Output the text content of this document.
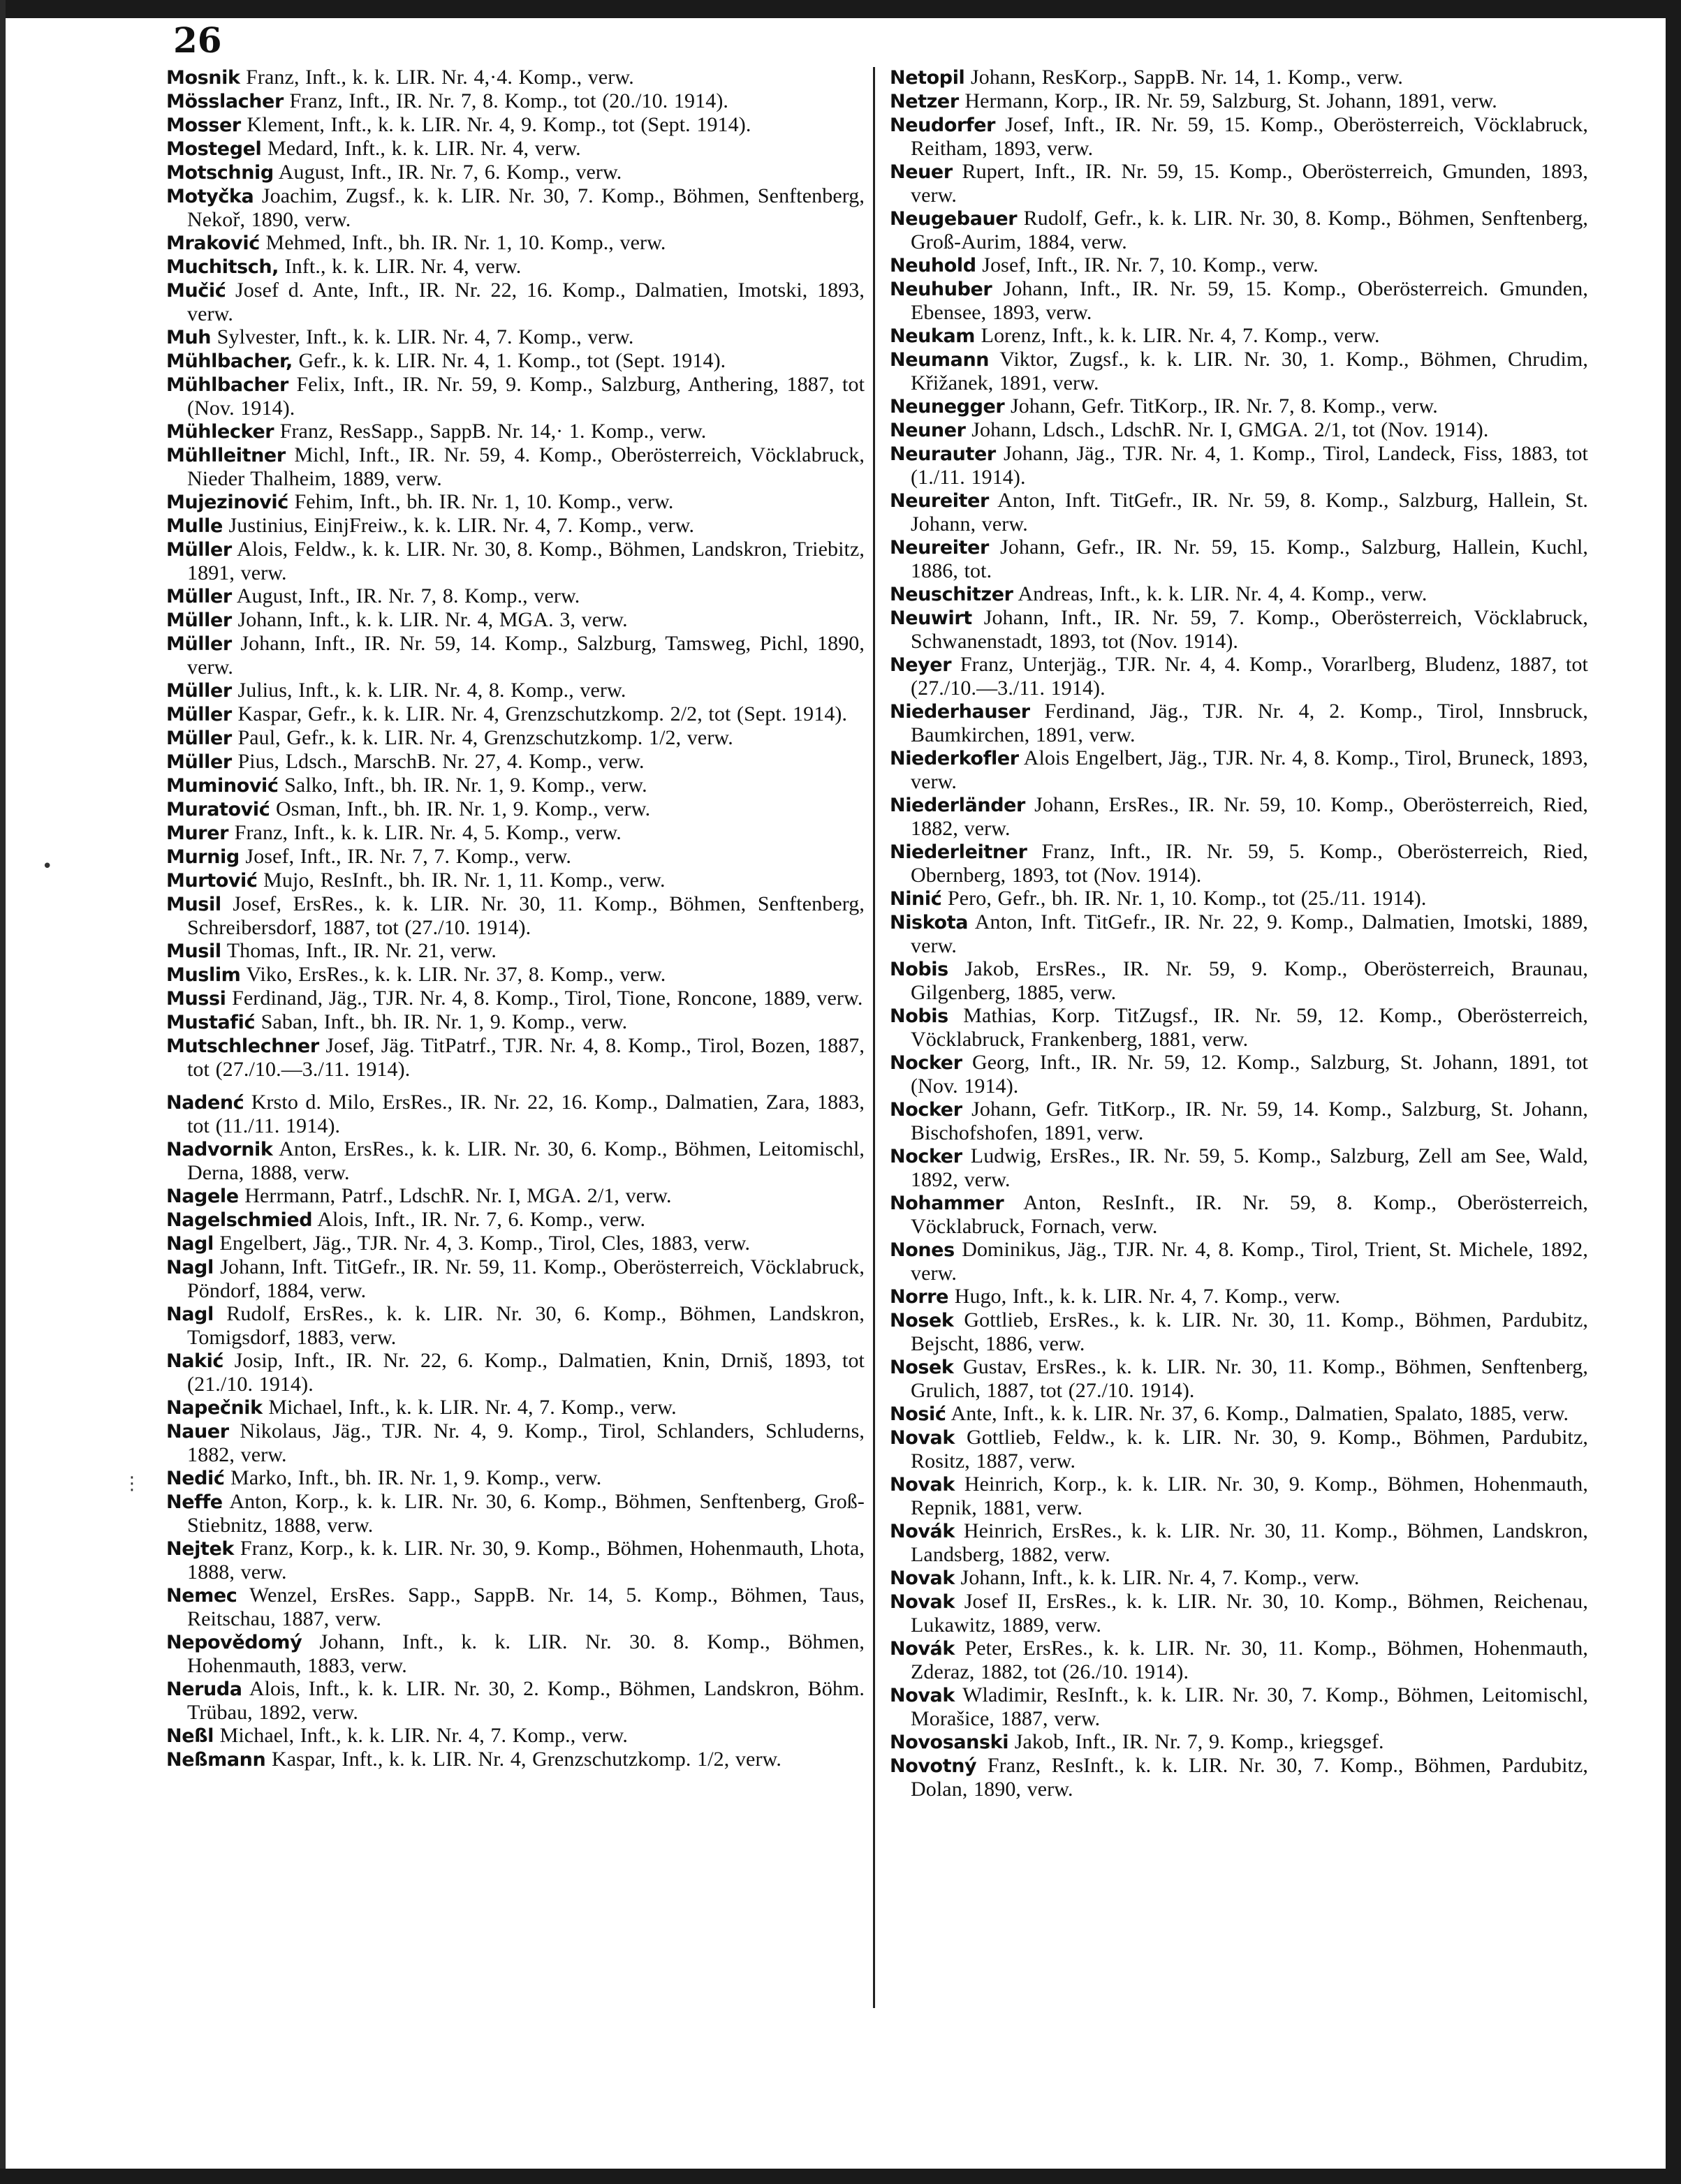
26
Mosnik Franz, Inft., k. k. LIR. Nr. 4,·4. Komp., verw.
Mösslacher Franz, Inft., IR. Nr. 7, 8. Komp., tot (20./10. 1914).
Mosser Klement, Inft., k. k. LIR. Nr. 4, 9. Komp., tot (Sept. 1914).
Mostegel Medard, Inft., k. k. LIR. Nr. 4, verw.
Motschnig August, Inft., IR. Nr. 7, 6. Komp., verw.
Motyčka Joachim, Zugsf., k. k. LIR. Nr. 30, 7. Komp., Böhmen, Senftenberg, Nekoř, 1890, verw.
Mraković Mehmed, Inft., bh. IR. Nr. 1, 10. Komp., verw.
Muchitsch, Inft., k. k. LIR. Nr. 4, verw.
Mučić Josef d. Ante, Inft., IR. Nr. 22, 16. Komp., Dalmatien, Imotski, 1893, verw.
Muh Sylvester, Inft., k. k. LIR. Nr. 4, 7. Komp., verw.
Mühlbacher, Gefr., k. k. LIR. Nr. 4, 1. Komp., tot (Sept. 1914).
Mühlbacher Felix, Inft., IR. Nr. 59, 9. Komp., Salzburg, Anthering, 1887, tot (Nov. 1914).
Mühlecker Franz, ResSapp., SappB. Nr. 14,· 1. Komp., verw.
Mühlleitner Michl, Inft., IR. Nr. 59, 4. Komp., Oberösterreich, Vöcklabruck, Nieder Thalheim, 1889, verw.
Mujezinović Fehim, Inft., bh. IR. Nr. 1, 10. Komp., verw.
Mulle Justinius, EinjFreiw., k. k. LIR. Nr. 4, 7. Komp., verw.
Müller Alois, Feldw., k. k. LIR. Nr. 30, 8. Komp., Böhmen, Landskron, Triebitz, 1891, verw.
Müller August, Inft., IR. Nr. 7, 8. Komp., verw.
Müller Johann, Inft., k. k. LIR. Nr. 4, MGA. 3, verw.
Müller Johann, Inft., IR. Nr. 59, 14. Komp., Salzburg, Tamsweg, Pichl, 1890, verw.
Müller Julius, Inft., k. k. LIR. Nr. 4, 8. Komp., verw.
Müller Kaspar, Gefr., k. k. LIR. Nr. 4, Grenzschutzkomp. 2/2, tot (Sept. 1914).
Müller Paul, Gefr., k. k. LIR. Nr. 4, Grenzschutzkomp. 1/2, verw.
Müller Pius, Ldsch., MarschB. Nr. 27, 4. Komp., verw.
Muminović Salko, Inft., bh. IR. Nr. 1, 9. Komp., verw.
Muratović Osman, Inft., bh. IR. Nr. 1, 9. Komp., verw.
Murer Franz, Inft., k. k. LIR. Nr. 4, 5. Komp., verw.
Murnig Josef, Inft., IR. Nr. 7, 7. Komp., verw.
Murtović Mujo, ResInft., bh. IR. Nr. 1, 11. Komp., verw.
Musil Josef, ErsRes., k. k. LIR. Nr. 30, 11. Komp., Böhmen, Senftenberg, Schreibersdorf, 1887, tot (27./10. 1914).
Musil Thomas, Inft., IR. Nr. 21, verw.
Muslim Viko, ErsRes., k. k. LIR. Nr. 37, 8. Komp., verw.
Mussi Ferdinand, Jäg., TJR. Nr. 4, 8. Komp., Tirol, Tione, Roncone, 1889, verw.
Mustafić Saban, Inft., bh. IR. Nr. 1, 9. Komp., verw.
Mutschlechner Josef, Jäg. TitPatrf., TJR. Nr. 4, 8. Komp., Tirol, Bozen, 1887, tot (27./10.—3./11. 1914).
Nadenć Krsto d. Milo, ErsRes., IR. Nr. 22, 16. Komp., Dalmatien, Zara, 1883, tot (11./11. 1914).
Nadvornik Anton, ErsRes., k. k. LIR. Nr. 30, 6. Komp., Böhmen, Leitomischl, Derna, 1888, verw.
Nagele Herrmann, Patrf., LdschR. Nr. I, MGA. 2/1, verw.
Nagelschmied Alois, Inft., IR. Nr. 7, 6. Komp., verw.
Nagl Engelbert, Jäg., TJR. Nr. 4, 3. Komp., Tirol, Cles, 1883, verw.
Nagl Johann, Inft. TitGefr., IR. Nr. 59, 11. Komp., Oberösterreich, Vöcklabruck, Pöndorf, 1884, verw.
Nagl Rudolf, ErsRes., k. k. LIR. Nr. 30, 6. Komp., Böhmen, Landskron, Tomigsdorf, 1883, verw.
Nakić Josip, Inft., IR. Nr. 22, 6. Komp., Dalmatien, Knin, Drniš, 1893, tot (21./10. 1914).
Napečnik Michael, Inft., k. k. LIR. Nr. 4, 7. Komp., verw.
Nauer Nikolaus, Jäg., TJR. Nr. 4, 9. Komp., Tirol, Schlanders, Schluderns, 1882, verw.
Nedić Marko, Inft., bh. IR. Nr. 1, 9. Komp., verw.
Neffe Anton, Korp., k. k. LIR. Nr. 30, 6. Komp., Böhmen, Senftenberg, Groß-Stiebnitz, 1888, verw.
Nejtek Franz, Korp., k. k. LIR. Nr. 30, 9. Komp., Böhmen, Hohenmauth, Lhota, 1888, verw.
Nemec Wenzel, ErsRes. Sapp., SappB. Nr. 14, 5. Komp., Böhmen, Taus, Reitschau, 1887, verw.
Nepovědomý Johann, Inft., k. k. LIR. Nr. 30. 8. Komp., Böhmen, Hohenmauth, 1883, verw.
Neruda Alois, Inft., k. k. LIR. Nr. 30, 2. Komp., Böhmen, Landskron, Böhm. Trübau, 1892, verw.
Neßl Michael, Inft., k. k. LIR. Nr. 4, 7. Komp., verw.
Neßmann Kaspar, Inft., k. k. LIR. Nr. 4, Grenzschutzkomp. 1/2, verw.
Netopil Johann, ResKorp., SappB. Nr. 14, 1. Komp., verw.
Netzer Hermann, Korp., IR. Nr. 59, Salzburg, St. Johann, 1891, verw.
Neudorfer Josef, Inft., IR. Nr. 59, 15. Komp., Oberösterreich, Vöcklabruck, Reitham, 1893, verw.
Neuer Rupert, Inft., IR. Nr. 59, 15. Komp., Oberösterreich, Gmunden, 1893, verw.
Neugebauer Rudolf, Gefr., k. k. LIR. Nr. 30, 8. Komp., Böhmen, Senftenberg, Groß-Aurim, 1884, verw.
Neuhold Josef, Inft., IR. Nr. 7, 10. Komp., verw.
Neuhuber Johann, Inft., IR. Nr. 59, 15. Komp., Oberösterreich. Gmunden, Ebensee, 1893, verw.
Neukam Lorenz, Inft., k. k. LIR. Nr. 4, 7. Komp., verw.
Neumann Viktor, Zugsf., k. k. LIR. Nr. 30, 1. Komp., Böhmen, Chrudim, Křižanek, 1891, verw.
Neunegger Johann, Gefr. TitKorp., IR. Nr. 7, 8. Komp., verw.
Neuner Johann, Ldsch., LdschR. Nr. I, GMGA. 2/1, tot (Nov. 1914).
Neurauter Johann, Jäg., TJR. Nr. 4, 1. Komp., Tirol, Landeck, Fiss, 1883, tot (1./11. 1914).
Neureiter Anton, Inft. TitGefr., IR. Nr. 59, 8. Komp., Salzburg, Hallein, St. Johann, verw.
Neureiter Johann, Gefr., IR. Nr. 59, 15. Komp., Salzburg, Hallein, Kuchl, 1886, tot.
Neuschitzer Andreas, Inft., k. k. LIR. Nr. 4, 4. Komp., verw.
Neuwirt Johann, Inft., IR. Nr. 59, 7. Komp., Oberösterreich, Vöcklabruck, Schwanenstadt, 1893, tot (Nov. 1914).
Neyer Franz, Unterjäg., TJR. Nr. 4, 4. Komp., Vorarlberg, Bludenz, 1887, tot (27./10.—3./11. 1914).
Niederhauser Ferdinand, Jäg., TJR. Nr. 4, 2. Komp., Tirol, Innsbruck, Baumkirchen, 1891, verw.
Niederkofler Alois Engelbert, Jäg., TJR. Nr. 4, 8. Komp., Tirol, Bruneck, 1893, verw.
Niederländer Johann, ErsRes., IR. Nr. 59, 10. Komp., Oberösterreich, Ried, 1882, verw.
Niederleitner Franz, Inft., IR. Nr. 59, 5. Komp., Oberösterreich, Ried, Obernberg, 1893, tot (Nov. 1914).
Ninić Pero, Gefr., bh. IR. Nr. 1, 10. Komp., tot (25./11. 1914).
Niskota Anton, Inft. TitGefr., IR. Nr. 22, 9. Komp., Dalmatien, Imotski, 1889, verw.
Nobis Jakob, ErsRes., IR. Nr. 59, 9. Komp., Oberösterreich, Braunau, Gilgenberg, 1885, verw.
Nobis Mathias, Korp. TitZugsf., IR. Nr. 59, 12. Komp., Oberösterreich, Vöcklabruck, Frankenberg, 1881, verw.
Nocker Georg, Inft., IR. Nr. 59, 12. Komp., Salzburg, St. Johann, 1891, tot (Nov. 1914).
Nocker Johann, Gefr. TitKorp., IR. Nr. 59, 14. Komp., Salzburg, St. Johann, Bischofshofen, 1891, verw.
Nocker Ludwig, ErsRes., IR. Nr. 59, 5. Komp., Salzburg, Zell am See, Wald, 1892, verw.
Nohammer Anton, ResInft., IR. Nr. 59, 8. Komp., Oberösterreich, Vöcklabruck, Fornach, verw.
Nones Dominikus, Jäg., TJR. Nr. 4, 8. Komp., Tirol, Trient, St. Michele, 1892, verw.
Norre Hugo, Inft., k. k. LIR. Nr. 4, 7. Komp., verw.
Nosek Gottlieb, ErsRes., k. k. LIR. Nr. 30, 11. Komp., Böhmen, Pardubitz, Bejscht, 1886, verw.
Nosek Gustav, ErsRes., k. k. LIR. Nr. 30, 11. Komp., Böhmen, Senftenberg, Grulich, 1887, tot (27./10. 1914).
Nosić Ante, Inft., k. k. LIR. Nr. 37, 6. Komp., Dalmatien, Spalato, 1885, verw.
Novak Gottlieb, Feldw., k. k. LIR. Nr. 30, 9. Komp., Böhmen, Pardubitz, Rositz, 1887, verw.
Novak Heinrich, Korp., k. k. LIR. Nr. 30, 9. Komp., Böhmen, Hohenmauth, Repnik, 1881, verw.
Novák Heinrich, ErsRes., k. k. LIR. Nr. 30, 11. Komp., Böhmen, Landskron, Landsberg, 1882, verw.
Novak Johann, Inft., k. k. LIR. Nr. 4, 7. Komp., verw.
Novak Josef II, ErsRes., k. k. LIR. Nr. 30, 10. Komp., Böhmen, Reichenau, Lukawitz, 1889, verw.
Novák Peter, ErsRes., k. k. LIR. Nr. 30, 11. Komp., Böhmen, Hohenmauth, Zderaz, 1882, tot (26./10. 1914).
Novak Wladimir, ResInft., k. k. LIR. Nr. 30, 7. Komp., Böhmen, Leitomischl, Morašice, 1887, verw.
Novosanski Jakob, Inft., IR. Nr. 7, 9. Komp., kriegsgef.
Novotný Franz, ResInft., k. k. LIR. Nr. 30, 7. Komp., Böhmen, Pardubitz, Dolan, 1890, verw.
•
⋮
